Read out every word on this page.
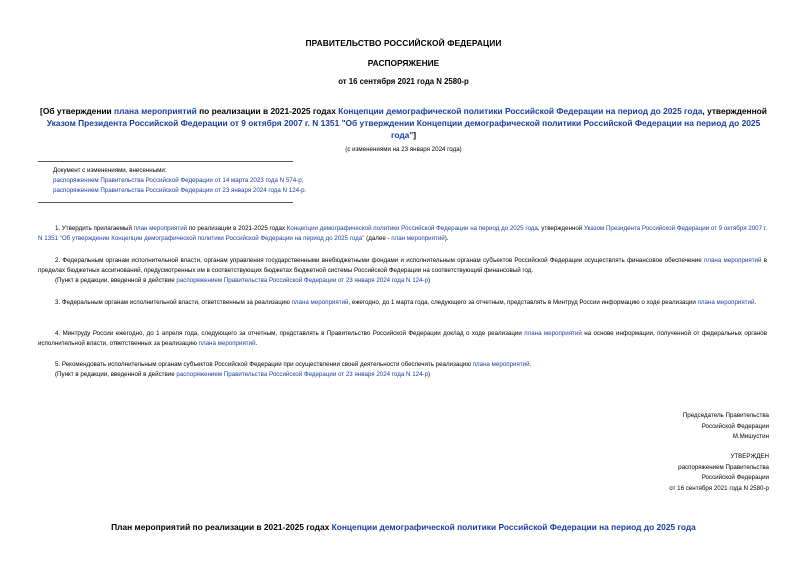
ПРАВИТЕЛЬСТВО РОССИЙСКОЙ ФЕДЕРАЦИИ
РАСПОРЯЖЕНИЕ
от 16 сентября 2021 года N 2580-р
[Об утверждении плана мероприятий по реализации в 2021-2025 годах Концепции демографической политики Российской Федерации на период до 2025 года, утвержденной Указом Президента Российской Федерации от 9 октября 2007 г. N 1351 "Об утверждении Концепции демографической политики Российской Федерации на период до 2025 года"]
(с изменениями на 23 января 2024 года)
Документ с изменениями, внесенными:
распоряжением Правительства Российской Федерации от 14 марта 2023 года N 574-р;
распоряжением Правительства Российской Федерации от 23 января 2024 года N 124-р.
1. Утвердить прилагаемый план мероприятий по реализации в 2021-2025 годах Концепции демографической политики Российской Федерации на период до 2025 года, утвержденной Указом Президента Российской Федерации от 9 октября 2007 г. N 1351 "Об утверждении Концепции демографической политики Российской Федерации на период до 2025 года" (далее - план мероприятий).
2. Федеральным органам исполнительной власти, органам управления государственными внебюджетными фондами и исполнительным органам субъектов Российской Федерации осуществлять финансовое обеспечение плана мероприятий в пределах бюджетных ассигнований, предусмотренных им в соответствующих бюджетах бюджетной системы Российской Федерации на соответствующий финансовый год.
(Пункт в редакции, введенной в действие распоряжением Правительства Российской Федерации от 23 января 2024 года N 124-р)
3. Федеральным органам исполнительной власти, ответственным за реализацию плана мероприятий, ежегодно, до 1 марта года, следующего за отчетным, представлять в Минтруд России информацию о ходе реализации плана мероприятий.
4. Минтруду России ежегодно, до 1 апреля года, следующего за отчетным, представлять в Правительство Российской Федерации доклад о ходе реализации плана мероприятий на основе информации, полученной от федеральных органов исполнительной власти, ответственных за реализацию плана мероприятий.
5. Рекомендовать исполнительным органам субъектов Российской Федерации при осуществлении своей деятельности обеспечить реализацию плана мероприятий.
(Пункт в редакции, введенной в действие распоряжением Правительства Российской Федерации от 23 января 2024 года N 124-р)
Председатель Правительства
Российской Федерации
М.Мишустин
УТВЕРЖДЕН
распоряжением Правительства
Российской Федерации
от 16 сентября 2021 года N 2580-р
План мероприятий по реализации в 2021-2025 годах Концепции демографической политики Российской Федерации на период до 2025 года
